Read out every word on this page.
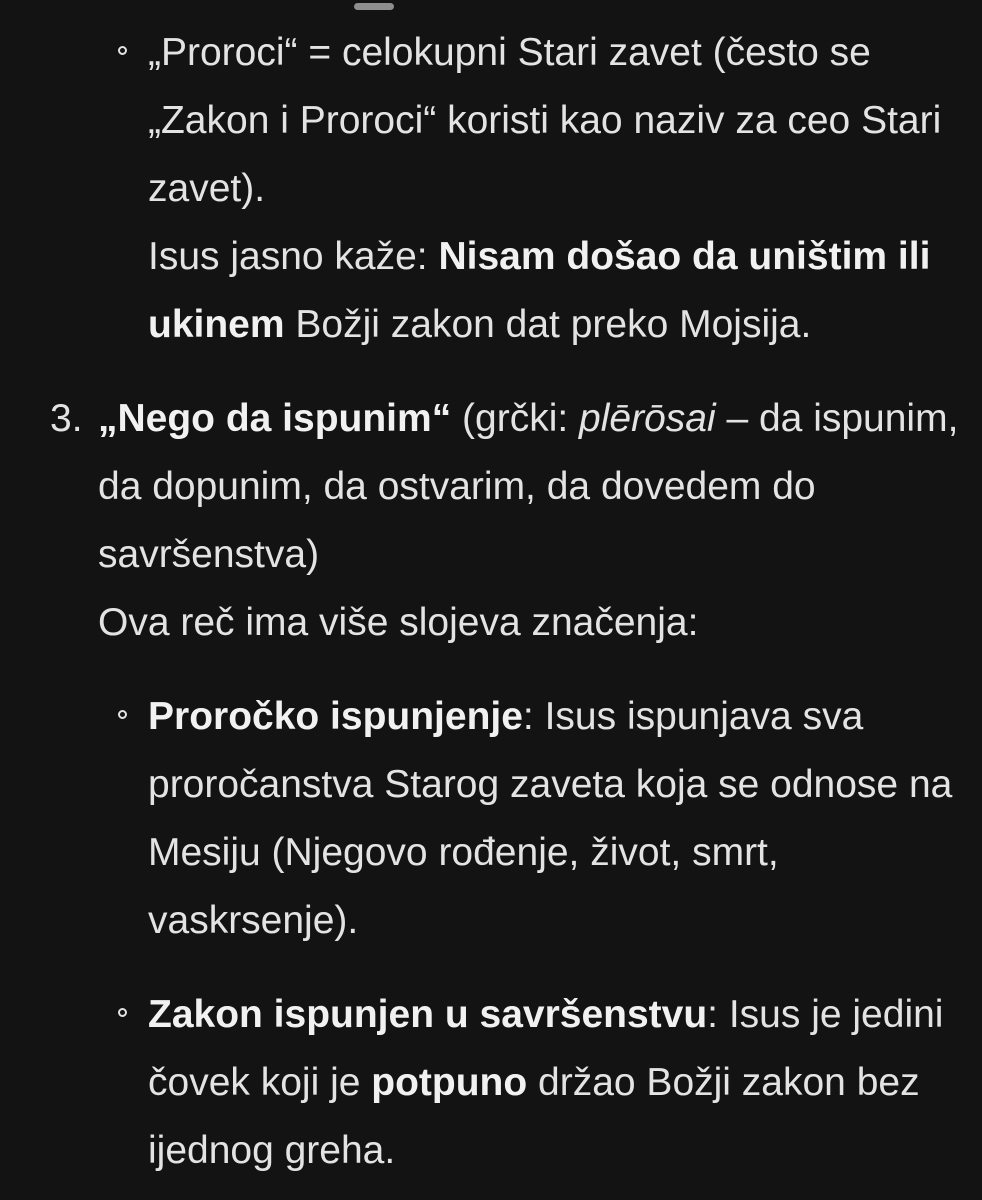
„Proroci“ = celokupni Stari zavet (često se „Zakon i Proroci“ koristi kao naziv za ceo Stari zavet).

Isus jasno kaže: Nisam došao da uništim ili ukinem Božji zakon dat preko Mojsija.

3. „Nego da ispunim“ (grčki: plērōsai – da ispunim, da dopunim, da ostvarim, da dovedem do savršenstva)

Ova reč ima više slojeva značenja:

Proročko ispunjenje: Isus ispunjava sva proročanstva Starog zaveta koja se odnose na Mesiju (Njegovo rođenje, život, smrt, vaskrsenje).

Zakon ispunjen u savršenstvu: Isus je jedini čovek koji je potpuno držao Božji zakon bez ijednog greha.
